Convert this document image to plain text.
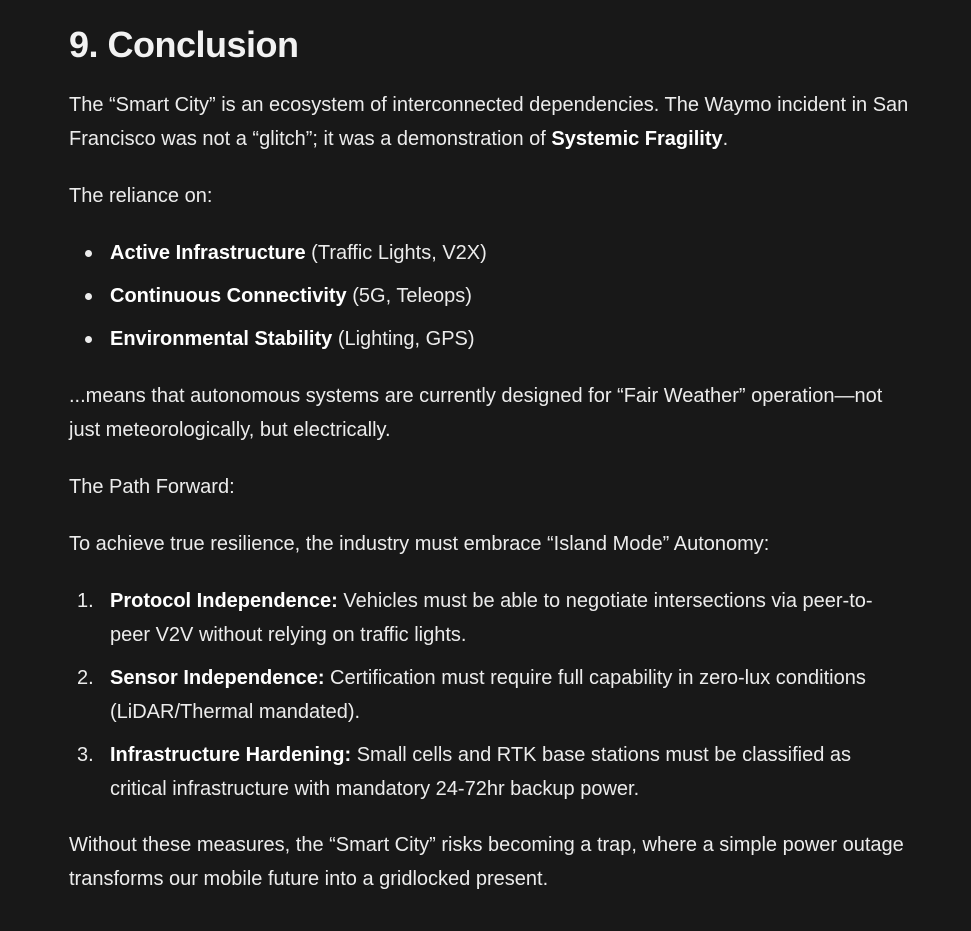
9. Conclusion

The “Smart City” is an ecosystem of interconnected dependencies. The Waymo incident in San Francisco was not a “glitch”; it was a demonstration of Systemic Fragility.

The reliance on:

Active Infrastructure (Traffic Lights, V2X)
Continuous Connectivity (5G, Teleops)
Environmental Stability (Lighting, GPS)

...means that autonomous systems are currently designed for “Fair Weather” operation—not just meteorologically, but electrically.

The Path Forward:

To achieve true resilience, the industry must embrace “Island Mode” Autonomy:

1. Protocol Independence: Vehicles must be able to negotiate intersections via peer-to-peer V2V without relying on traffic lights.
2. Sensor Independence: Certification must require full capability in zero-lux conditions (LiDAR/Thermal mandated).
3. Infrastructure Hardening: Small cells and RTK base stations must be classified as critical infrastructure with mandatory 24-72hr backup power.

Without these measures, the “Smart City” risks becoming a trap, where a simple power outage transforms our mobile future into a gridlocked present.
